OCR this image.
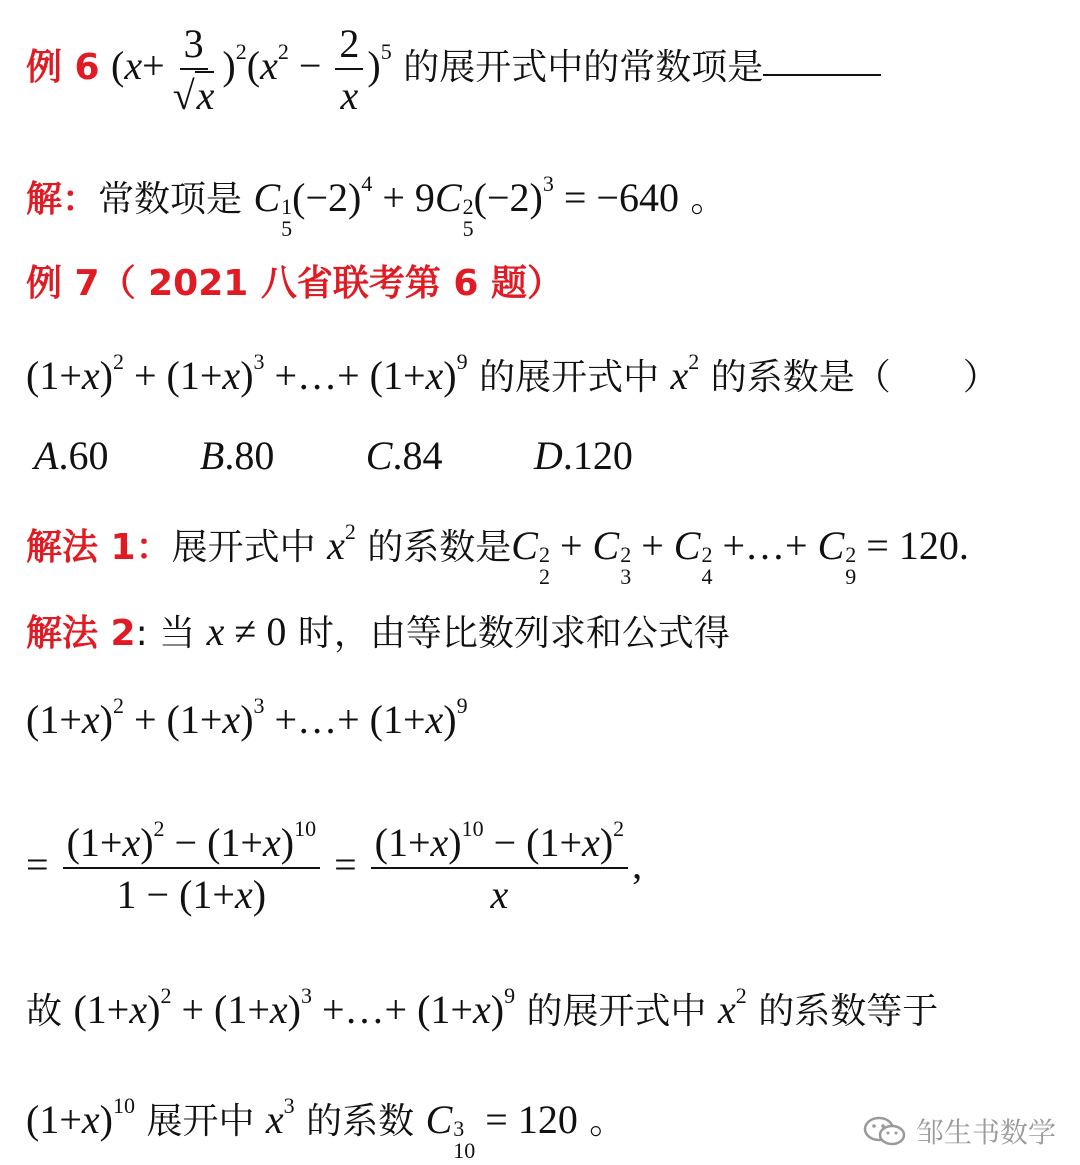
例 6 $(x+ \frac{3}{√x} )^2(x^2 - \frac{2}{x} )^5$ 的展开式中的常数项是
解：常数项是 C 1
5
$(-2)^4 + 9C$ 2
5
$(-2)^3 = -640$ 。
例 7（ 2021 八省联考第 6 题）
$(1+x)^2 + (1+x)^3$ +…+ $(1+x)^9$ 的展开式中 $x^2$ 的系数是（　　）
A.60 B.80 C.84 D.120
解法 1：展开式中 $x^2$ 的系数是C 2
2
+ C 2
3
+ C 2
4
+…+ C 2
9
= 120.
解法 2: 当 x ≠ 0 时，由等比数列求和公式得
$(1+x)^2 + (1+x)^3$ +…+ $(1+x)^9$
= $\frac{(1+x)^2 - (1+x)^{10}}{1 - (1+x)} = \frac{(1+x)^{10} - (1+x)^2}{x}$ ,
故 $(1+x)^2 + (1+x)^3$ +…+ $(1+x)^9$ 的展开式中 $x^2$ 的系数等于
$(1+x)^{10}$ 展开中 $x^3$ 的系数 C 3
10
= 120 。	邹生书数学
